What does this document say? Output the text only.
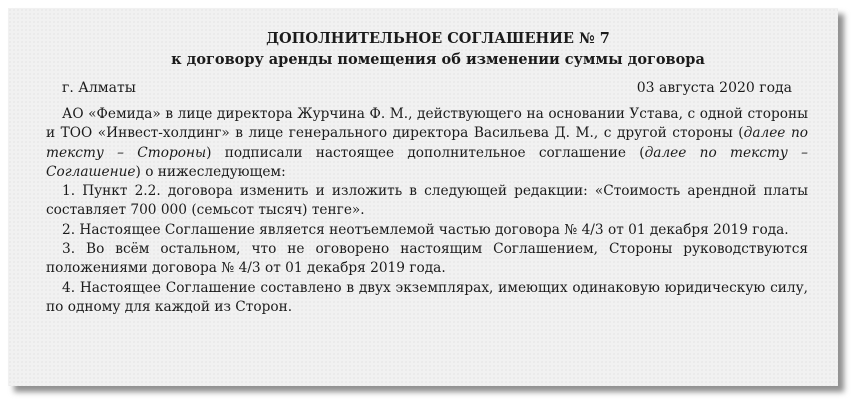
ДОПОЛНИТЕЛЬНОЕ СОГЛАШЕНИЕ № 7
к договору аренды помещения об изменении суммы договора
г. Алматы	03 августа 2020 года

АО «Фемида» в лице директора Журчина Ф. М., действующего на основании Устава, с одной стороны и ТОО «Инвест-холдинг» в лице генерального директора Васильева Д. М., с другой стороны (далее по тексту – Стороны) подписали настоящее дополнительное соглашение (далее по тексту – Соглашение) о нижеследующем:

1. Пункт 2.2. договора изменить и изложить в следующей редакции: «Стоимость арендной платы составляет 700 000 (семьсот тысяч) тенге».

2. Настоящее Соглашение является неотъемлемой частью договора № 4/3 от 01 декабря 2019 года.

3. Во всём остальном, что не оговорено настоящим Соглашением, Стороны руководствуются положениями договора № 4/3 от 01 декабря 2019 года.

4. Настоящее Соглашение составлено в двух экземплярах, имеющих одинаковую юридическую силу, по одному для каждой из Сторон.
